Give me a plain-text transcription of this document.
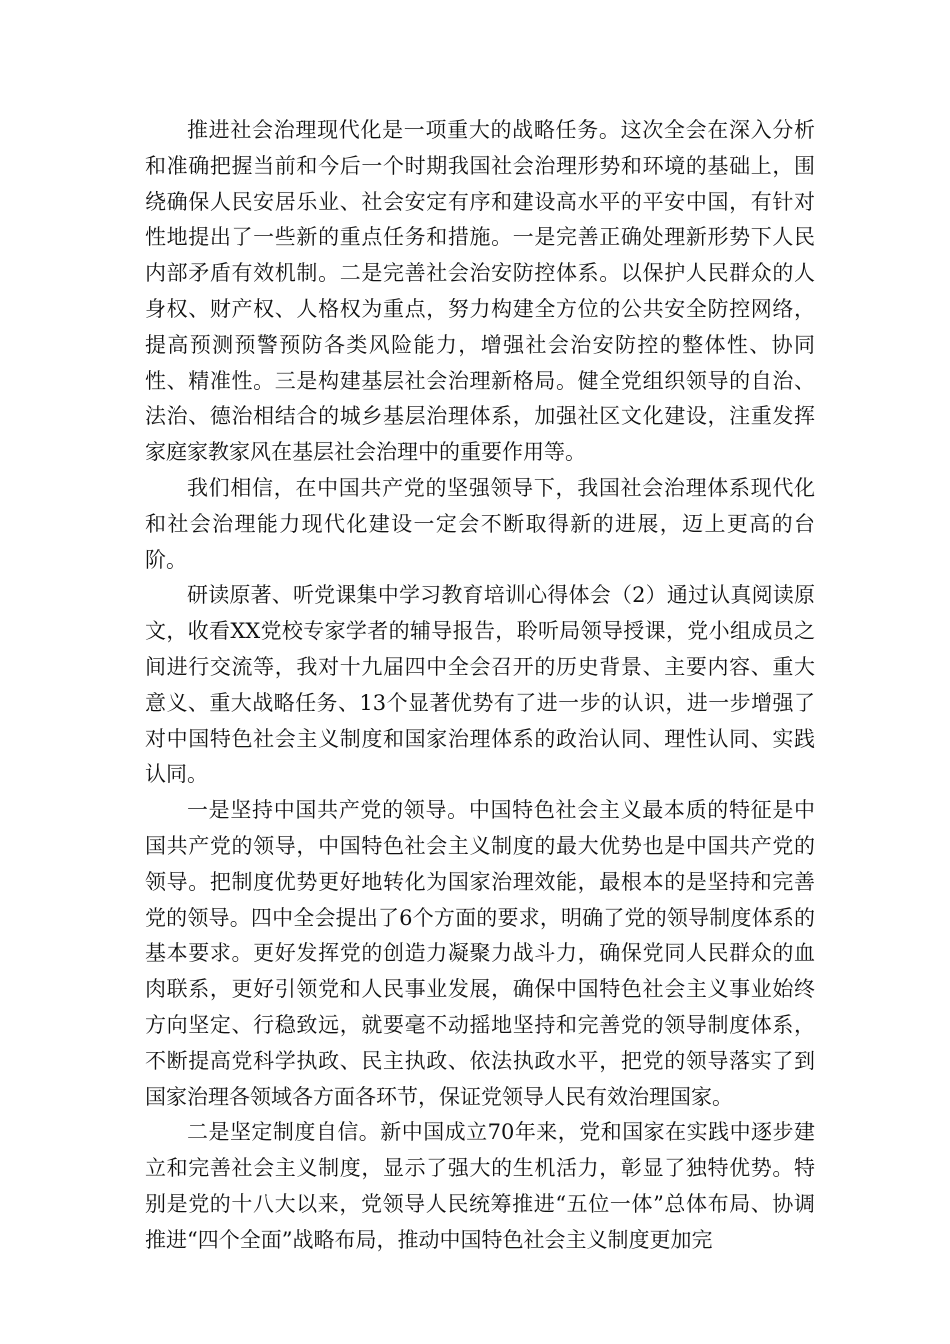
推进社会治理现代化是一项重大的战略任务。这次全会在深入分析和准确把握当前和今后一个时期我国社会治理形势和环境的基础上，围绕确保人民安居乐业、社会安定有序和建设高水平的平安中国，有针对性地提出了一些新的重点任务和措施。一是完善正确处理新形势下人民内部矛盾有效机制。二是完善社会治安防控体系。以保护人民群众的人身权、财产权、人格权为重点，努力构建全方位的公共安全防控网络，提高预测预警预防各类风险能力，增强社会治安防控的整体性、协同性、精准性。三是构建基层社会治理新格局。健全党组织领导的自治、法治、德治相结合的城乡基层治理体系，加强社区文化建设，注重发挥家庭家教家风在基层社会治理中的重要作用等。

我们相信，在中国共产党的坚强领导下，我国社会治理体系现代化和社会治理能力现代化建设一定会不断取得新的进展，迈上更高的台阶。

研读原著、听党课集中学习教育培训心得体会（2）通过认真阅读原文，收看XX党校专家学者的辅导报告，聆听局领导授课，党小组成员之间进行交流等，我对十九届四中全会召开的历史背景、主要内容、重大意义、重大战略任务、13个显著优势有了进一步的认识，进一步增强了对中国特色社会主义制度和国家治理体系的政治认同、理性认同、实践认同。

一是坚持中国共产党的领导。中国特色社会主义最本质的特征是中国共产党的领导，中国特色社会主义制度的最大优势也是中国共产党的领导。把制度优势更好地转化为国家治理效能，最根本的是坚持和完善党的领导。四中全会提出了6个方面的要求，明确了党的领导制度体系的基本要求。更好发挥党的创造力凝聚力战斗力，确保党同人民群众的血肉联系，更好引领党和人民事业发展，确保中国特色社会主义事业始终方向坚定、行稳致远，就要毫不动摇地坚持和完善党的领导制度体系，不断提高党科学执政、民主执政、依法执政水平，把党的领导落实了到国家治理各领域各方面各环节，保证党领导人民有效治理国家。

二是坚定制度自信。新中国成立70年来，党和国家在实践中逐步建立和完善社会主义制度，显示了强大的生机活力，彰显了独特优势。特别是党的十八大以来，党领导人民统筹推进“五位一体”总体布局、协调推进“四个全面”战略布局，推动中国特色社会主义制度更加完
